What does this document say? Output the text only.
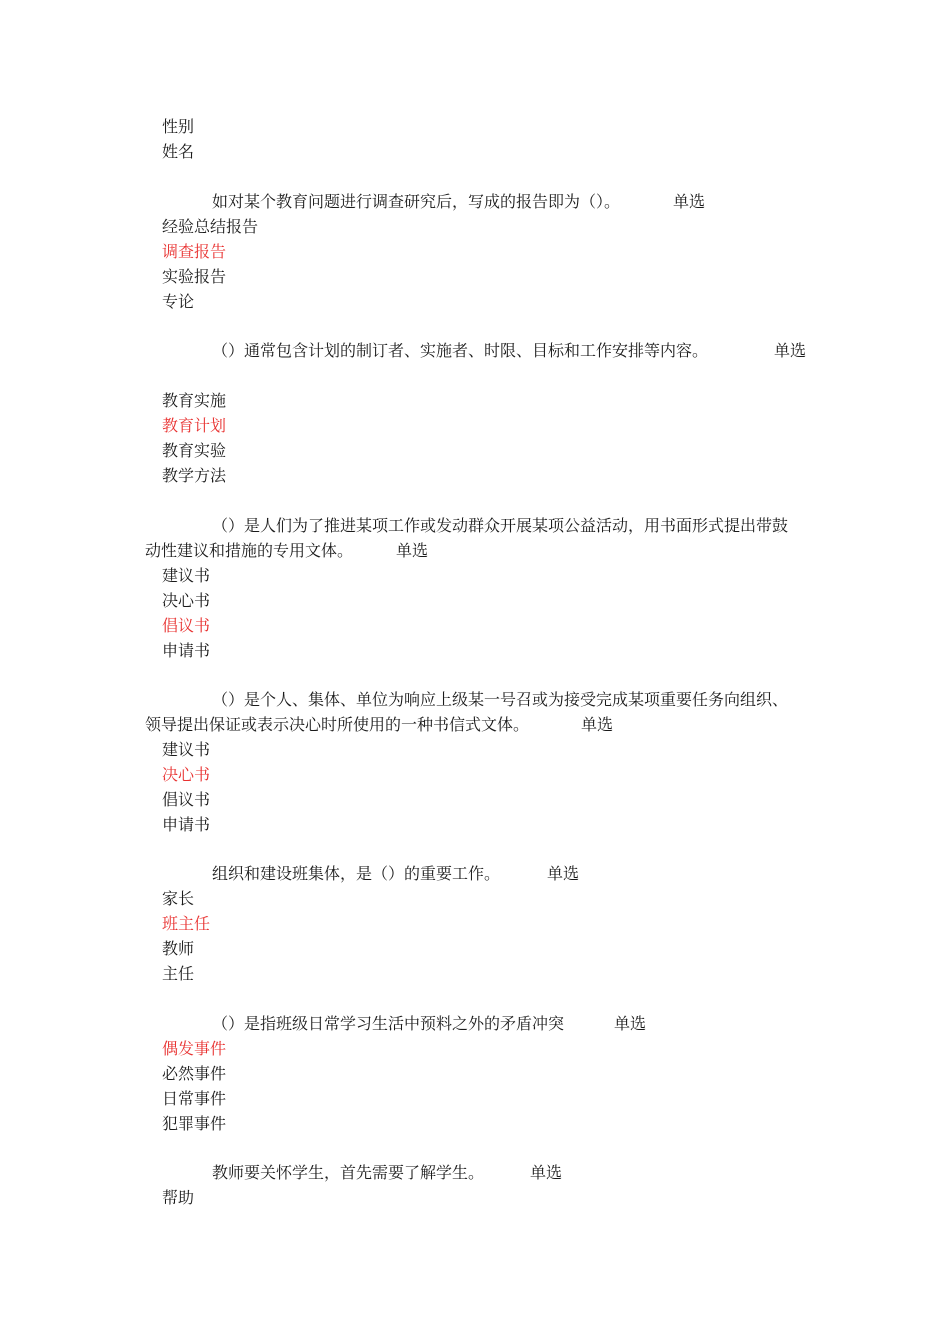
性别
姓名
如对某个教育问题进行调查研究后，写成的报告即为（）。	单选
经验总结报告
调查报告
实验报告
专论
（）通常包含计划的制订者、实施者、时限、目标和工作安排等内容。	单选
教育实施
教育计划
教育实验
教学方法
（）是人们为了推进某项工作或发动群众开展某项公益活动，用书面形式提出带鼓
动性建议和措施的专用文体。	单选
建议书
决心书
倡议书
申请书
（）是个人、集体、单位为响应上级某一号召或为接受完成某项重要任务向组织、
领导提出保证或表示决心时所使用的一种书信式文体。	单选
建议书
决心书
倡议书
申请书
组织和建设班集体，是（）的重要工作。	单选
家长
班主任
教师
主任
（）是指班级日常学习生活中预料之外的矛盾冲突	单选
偶发事件
必然事件
日常事件
犯罪事件
教师要关怀学生，首先需要了解学生。	单选
帮助
